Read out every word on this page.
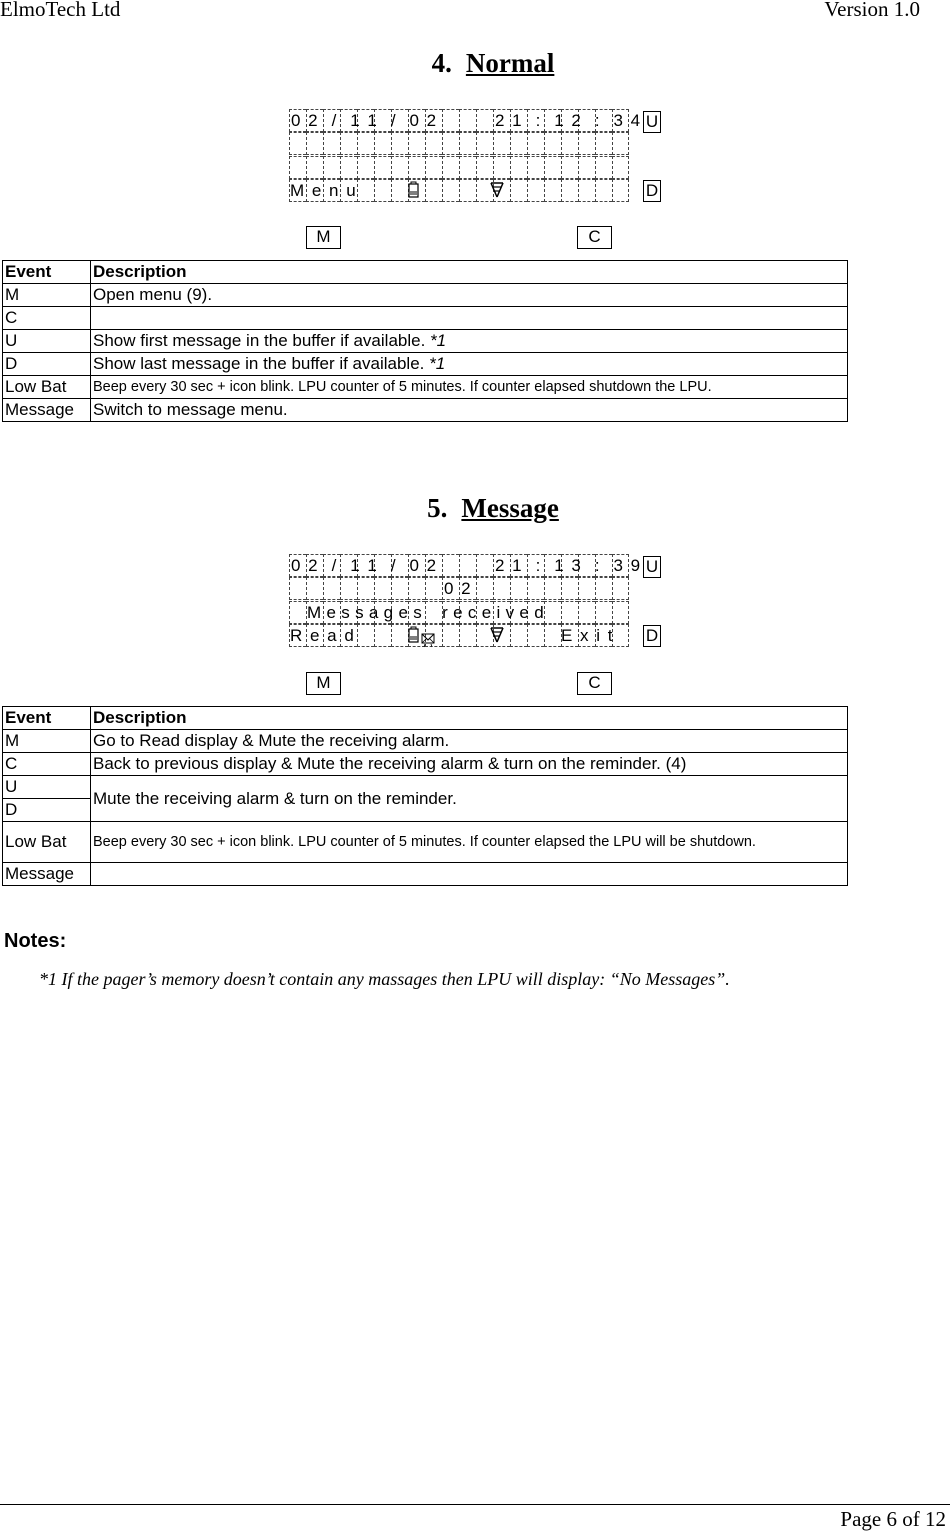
ElmoTech Ltd	Version 1.0
4. Normal
0 2  /  1 1  /  0 2	2 1  :  1 2  :  3 4
M e n u
U
D
M	C
Event	Description
M	Open menu (9).
C	
U	Show first message in the buffer if available. *1
D	Show last message in the buffer if available. *1
Low Bat	Beep every 30 sec + icon blink. LPU counter of 5 minutes. If counter elapsed shutdown the LPU.
Message	Switch to message menu.
5. Message
0 2  /  1 1  /  0 2	2 1  :  1 3  :  3 9
0 2
M e s s a g e s    r e c e i v e d
R e a d	E x i t
U
D
M	C
Event	Description
M	Go to Read display & Mute the receiving alarm.
C	Back to previous display & Mute the receiving alarm & turn on the reminder. (4)
U	Mute the receiving alarm & turn on the reminder.
D	
Low Bat	Beep every 30 sec + icon blink. LPU counter of 5 minutes. If counter elapsed the LPU will be shutdown.
Message	
Notes:
*1 If the pager’s memory doesn’t contain any massages then LPU will display: “No Messages”.
Page 6 of 12
